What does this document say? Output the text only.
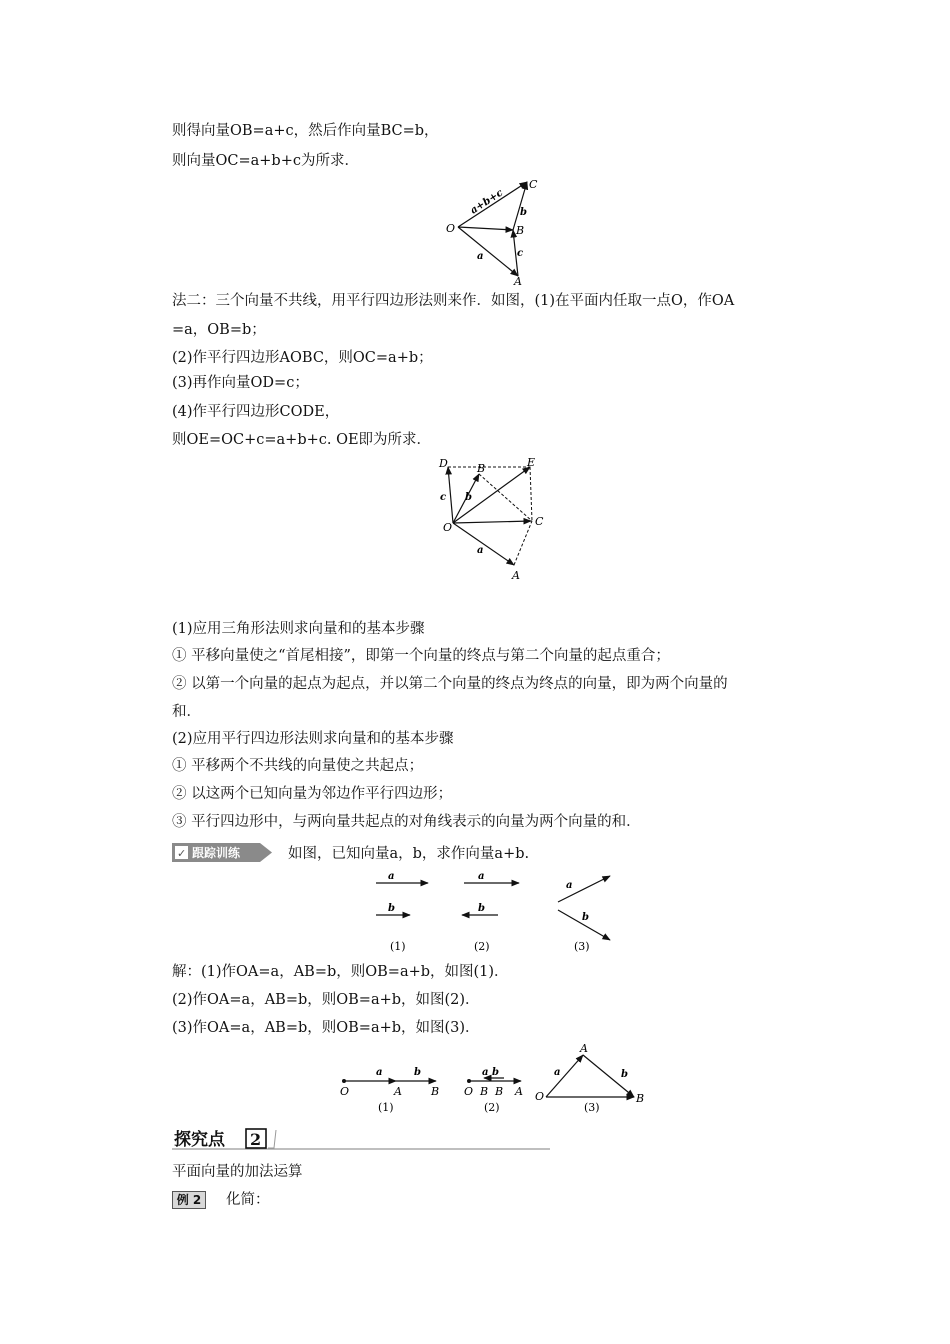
则得向量OB=a+c，然后作向量BC=b，
则向量OC=a+b+c为所求．
O
C
B
A
a+b+c b
c
a
法二：三个向量不共线，用平行四边形法则来作．如图，(1)在平面内任取一点O，作OA
=a，OB=b；
(2)作平行四边形AOBC，则OC=a+b；
(3)再作向量OD=c；
(4)作平行四边形CODE，
则OE=OC+c=a+b+c. OE即为所求．
D	B	E
C
O
A
c b
a
(1)应用三角形法则求向量和的基本步骤
① 平移向量使之“首尾相接”，即第一个向量的终点与第二个向量的起点重合；
② 以第一个向量的起点为起点，并以第二个向量的终点为终点的向量，即为两个向量的
和．
(2)应用平行四边形法则求向量和的基本步骤
① 平移两个不共线的向量使之共起点；
② 以这两个已知向量为邻边作平行四边形；
③ 平行四边形中，与两向量共起点的对角线表示的向量为两个向量的和．
✓ 跟踪训练	如图，已知向量a，b，求作向量a+b.
a
b
(1)
a
b
(2)
a
b
(3)
解：(1)作OA=a，AB=b，则OB=a+b，如图(1)．
(2)作OA=a，AB=b，则OB=a+b，如图(2)．
(3)作OA=a，AB=b，则OB=a+b，如图(3)．
a	b
O	A	B
(1)
a b
O B B A
(2)
a	b
A
O	B
(3)
探究点 2
平面向量的加法运算
例 2	化简：
